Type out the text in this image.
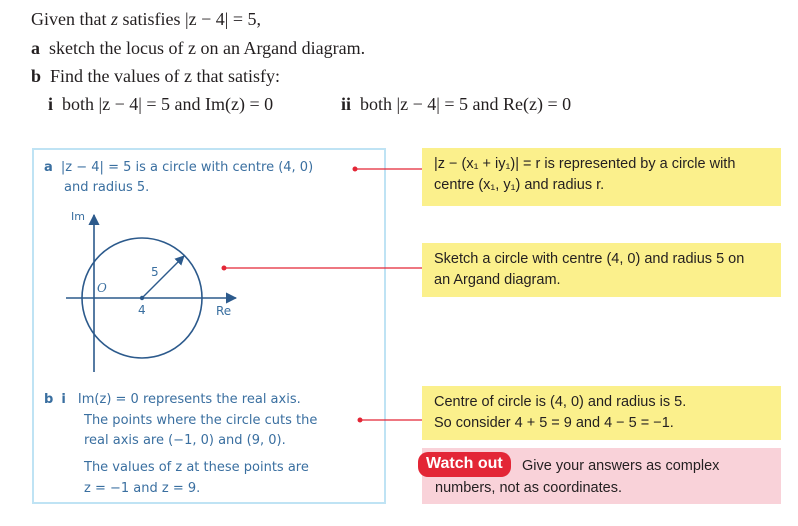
Given that z satisfies |z − 4| = 5,
a sketch the locus of z on an Argand diagram.
b Find the values of z that satisfy:
i both |z − 4| = 5 and Im(z) = 0	ii both |z − 4| = 5 and Re(z) = 0
a |z − 4| = 5 is a circle with centre (4, 0)
and radius 5.
Im
Re
O
4
5
b i Im(z) = 0 represents the real axis.
The points where the circle cuts the
real axis are (−1, 0) and (9, 0).
The values of z at these points are
z = −1 and z = 9.
|z − (x₁ + iy₁)| = r is represented by a circle with
centre (x₁, y₁) and radius r.
Sketch a circle with centre (4, 0) and radius 5 on
an Argand diagram.
Centre of circle is (4, 0) and radius is 5.
So consider 4 + 5 = 9 and 4 − 5 = −1.
Watch out	Give your answers as complex
numbers, not as coordinates.
